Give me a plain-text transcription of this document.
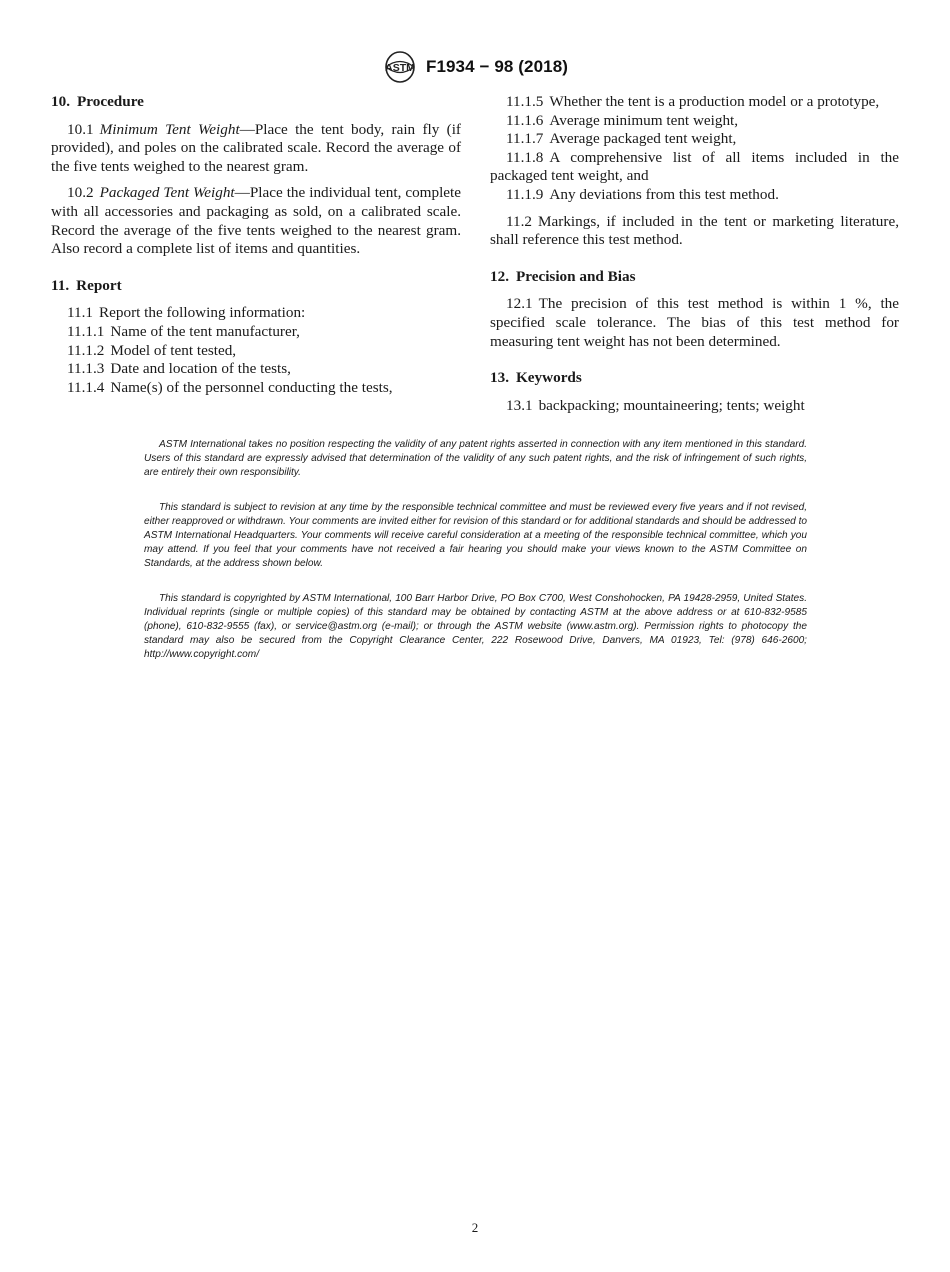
ASTM F1934 − 98 (2018)
10. Procedure

10.1 Minimum Tent Weight—Place the tent body, rain fly (if provided), and poles on the calibrated scale. Record the average of the five tents weighed to the nearest gram.

10.2 Packaged Tent Weight—Place the individual tent, complete with all accessories and packaging as sold, on a calibrated scale. Record the average of the five tents weighed to the nearest gram. Also record a complete list of items and quantities.

11. Report

11.1 Report the following information:

11.1.1 Name of the tent manufacturer,

11.1.2 Model of tent tested,

11.1.3 Date and location of the tests,

11.1.4 Name(s) of the personnel conducting the tests,

11.1.5 Whether the tent is a production model or a prototype,

11.1.6 Average minimum tent weight,

11.1.7 Average packaged tent weight,

11.1.8 A comprehensive list of all items included in the packaged tent weight, and

11.1.9 Any deviations from this test method.

11.2 Markings, if included in the tent or marketing literature, shall reference this test method.

12. Precision and Bias

12.1 The precision of this test method is within 1 %, the specified scale tolerance. The bias of this test method for measuring tent weight has not been determined.

13. Keywords

13.1 backpacking; mountaineering; tents; weight

ASTM International takes no position respecting the validity of any patent rights asserted in connection with any item mentioned in this standard. Users of this standard are expressly advised that determination of the validity of any such patent rights, and the risk of infringement of such rights, are entirely their own responsibility.

This standard is subject to revision at any time by the responsible technical committee and must be reviewed every five years and if not revised, either reapproved or withdrawn. Your comments are invited either for revision of this standard or for additional standards and should be addressed to ASTM International Headquarters. Your comments will receive careful consideration at a meeting of the responsible technical committee, which you may attend. If you feel that your comments have not received a fair hearing you should make your views known to the ASTM Committee on Standards, at the address shown below.

This standard is copyrighted by ASTM International, 100 Barr Harbor Drive, PO Box C700, West Conshohocken, PA 19428-2959, United States. Individual reprints (single or multiple copies) of this standard may be obtained by contacting ASTM at the above address or at 610-832-9585 (phone), 610-832-9555 (fax), or service@astm.org (e-mail); or through the ASTM website (www.astm.org). Permission rights to photocopy the standard may also be secured from the Copyright Clearance Center, 222 Rosewood Drive, Danvers, MA 01923, Tel: (978) 646-2600; http://www.copyright.com/

2
